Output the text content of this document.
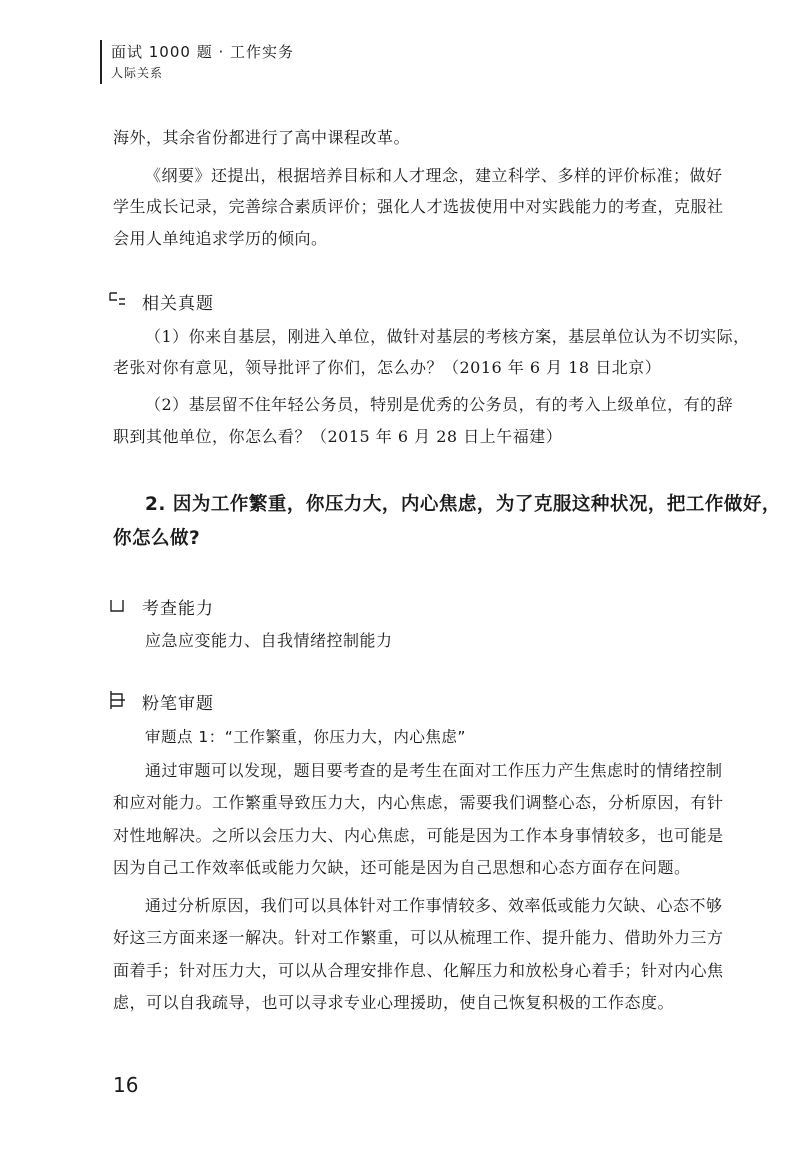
面试 1000 题 · 工作实务
人际关系
海外，其余省份都进行了高中课程改革。
《纲要》还提出，根据培养目标和人才理念，建立科学、多样的评价标准；做好
学生成长记录，完善综合素质评价；强化人才选拔使用中对实践能力的考查，克服社
会用人单纯追求学历的倾向。
相关真题
（1）你来自基层，刚进入单位，做针对基层的考核方案，基层单位认为不切实际，
老张对你有意见，领导批评了你们，怎么办？（2016 年 6 月 18 日北京）
（2）基层留不住年轻公务员，特别是优秀的公务员，有的考入上级单位，有的辞
职到其他单位，你怎么看？（2015 年 6 月 28 日上午福建）
2. 因为工作繁重，你压力大，内心焦虑，为了克服这种状况，把工作做好，
你怎么做?
考查能力
应急应变能力、自我情绪控制能力
粉笔审题
审题点 1：“工作繁重，你压力大，内心焦虑”
通过审题可以发现，题目要考查的是考生在面对工作压力产生焦虑时的情绪控制
和应对能力。工作繁重导致压力大，内心焦虑，需要我们调整心态，分析原因，有针
对性地解决。之所以会压力大、内心焦虑，可能是因为工作本身事情较多，也可能是
因为自己工作效率低或能力欠缺，还可能是因为自己思想和心态方面存在问题。
通过分析原因，我们可以具体针对工作事情较多、效率低或能力欠缺、心态不够
好这三方面来逐一解决。针对工作繁重，可以从梳理工作、提升能力、借助外力三方
面着手；针对压力大，可以从合理安排作息、化解压力和放松身心着手；针对内心焦
虑，可以自我疏导，也可以寻求专业心理援助，使自己恢复积极的工作态度。
16
